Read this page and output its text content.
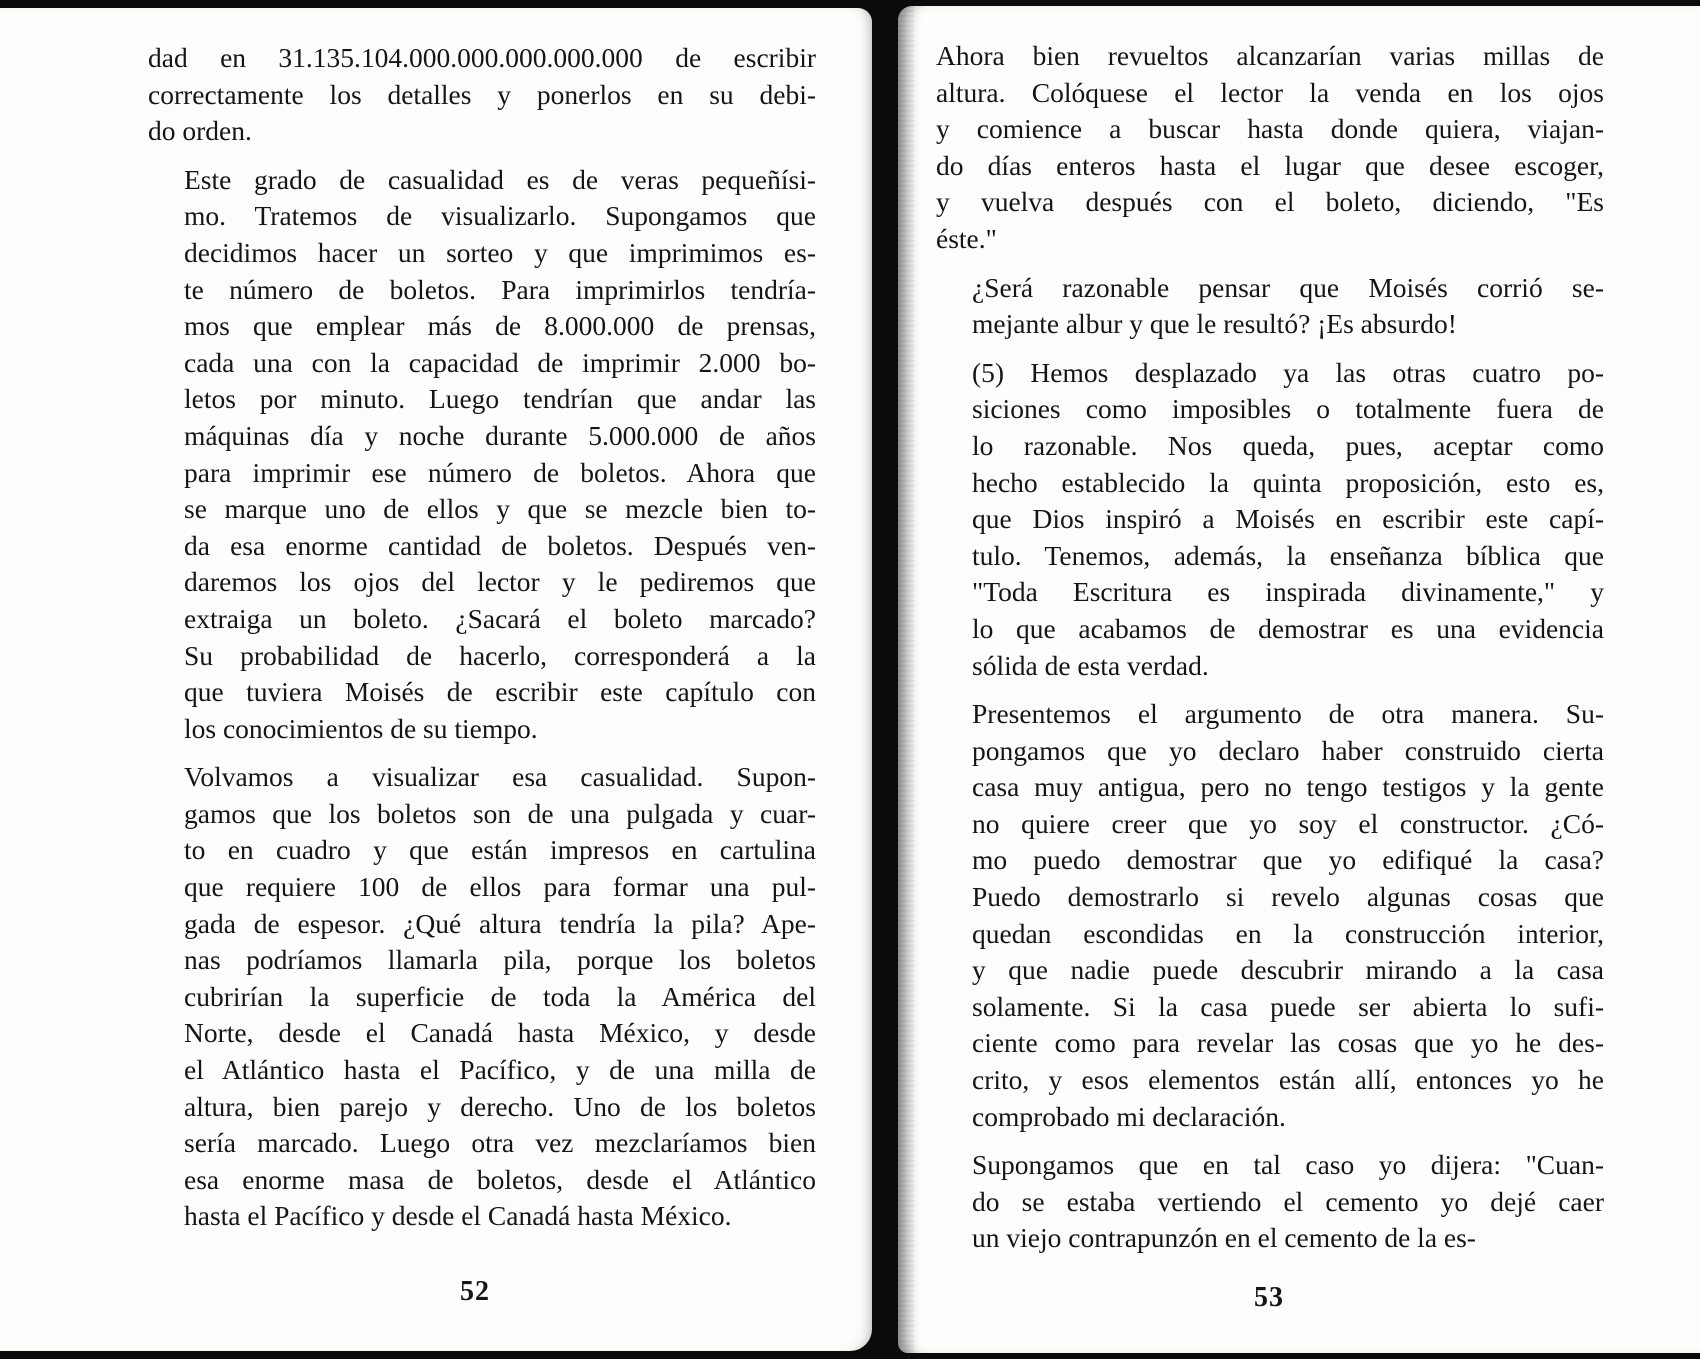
dad en 31.135.104.000.000.000.000.000 de escribir
correctamente los detalles y ponerlos en su debi-
do orden.
Este grado de casualidad es de veras pequeñísi-
mo. Tratemos de visualizarlo. Supongamos que
decidimos hacer un sorteo y que imprimimos es-
te número de boletos. Para imprimirlos tendría-
mos que emplear más de 8.000.000 de prensas,
cada una con la capacidad de imprimir 2.000 bo-
letos por minuto. Luego tendrían que andar las
máquinas día y noche durante 5.000.000 de años
para imprimir ese número de boletos. Ahora que
se marque uno de ellos y que se mezcle bien to-
da esa enorme cantidad de boletos. Después ven-
daremos los ojos del lector y le pediremos que
extraiga un boleto. ¿Sacará el boleto marcado?
Su probabilidad de hacerlo, corresponderá a la
que tuviera Moisés de escribir este capítulo con
los conocimientos de su tiempo.
Volvamos a visualizar esa casualidad. Supon-
gamos que los boletos son de una pulgada y cuar-
to en cuadro y que están impresos en cartulina
que requiere 100 de ellos para formar una pul-
gada de espesor. ¿Qué altura tendría la pila? Ape-
nas podríamos llamarla pila, porque los boletos
cubrirían la superficie de toda la América del
Norte, desde el Canadá hasta México, y desde
el Atlántico hasta el Pacífico, y de una milla de
altura, bien parejo y derecho. Uno de los boletos
sería marcado. Luego otra vez mezclaríamos bien
esa enorme masa de boletos, desde el Atlántico
hasta el Pacífico y desde el Canadá hasta México.
52
Ahora bien revueltos alcanzarían varias millas de
altura. Colóquese el lector la venda en los ojos
y comience a buscar hasta donde quiera, viajan-
do días enteros hasta el lugar que desee escoger,
y vuelva después con el boleto, diciendo, "Es
éste."
¿Será razonable pensar que Moisés corrió se-
mejante albur y que le resultó? ¡Es absurdo!
(5) Hemos desplazado ya las otras cuatro po-
siciones como imposibles o totalmente fuera de
lo razonable. Nos queda, pues, aceptar como
hecho establecido la quinta proposición, esto es,
que Dios inspiró a Moisés en escribir este capí-
tulo. Tenemos, además, la enseñanza bíblica que
"Toda Escritura es inspirada divinamente," y
lo que acabamos de demostrar es una evidencia
sólida de esta verdad.
Presentemos el argumento de otra manera. Su-
pongamos que yo declaro haber construido cierta
casa muy antigua, pero no tengo testigos y la gente
no quiere creer que yo soy el constructor. ¿Có-
mo puedo demostrar que yo edifiqué la casa?
Puedo demostrarlo si revelo algunas cosas que
quedan escondidas en la construcción interior,
y que nadie puede descubrir mirando a la casa
solamente. Si la casa puede ser abierta lo sufi-
ciente como para revelar las cosas que yo he des-
crito, y esos elementos están allí, entonces yo he
comprobado mi declaración.
Supongamos que en tal caso yo dijera: "Cuan-
do se estaba vertiendo el cemento yo dejé caer
un viejo contrapunzón en el cemento de la es-
53
